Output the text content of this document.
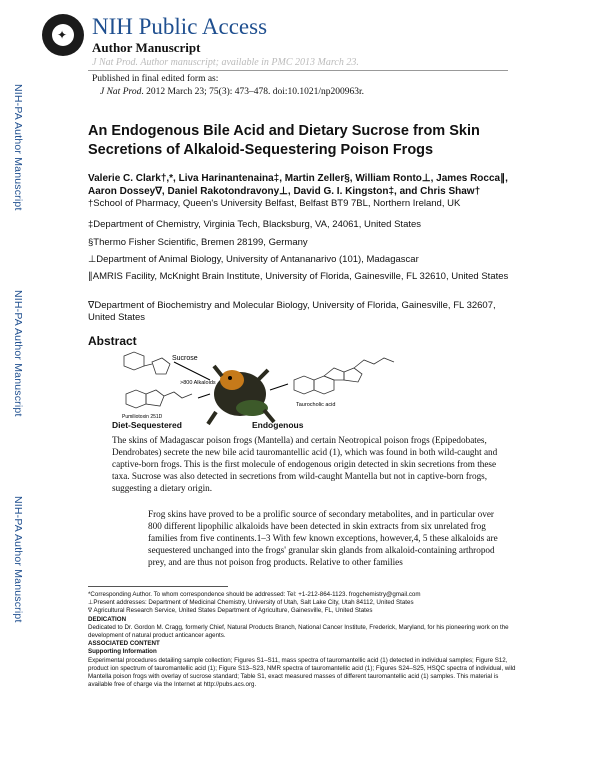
✦ NIH Public Access
Author Manuscript
J Nat Prod. Author manuscript; available in PMC 2013 March 23.
Published in final edited form as:
J Nat Prod. 2012 March 23; 75(3): 473–478. doi:10.1021/np200963r.
NIH-PA Author Manuscript
NIH-PA Author Manuscript
NIH-PA Author Manuscript
An Endogenous Bile Acid and Dietary Sucrose from Skin Secretions of Alkaloid-Sequestering Poison Frogs
Valerie C. Clark†,*, Liva Harinantenaina‡, Martin Zeller§, William Ronto⊥, James Rocca∥, Aaron Dossey∇, Daniel Rakotondravony⊥, David G. I. Kingston‡, and Chris Shaw†
†School of Pharmacy, Queen's University Belfast, Belfast BT9 7BL, Northern Ireland, UK
‡Department of Chemistry, Virginia Tech, Blacksburg, VA, 24061, United States
§Thermo Fisher Scientific, Bremen 28199, Germany
⊥Department of Animal Biology, University of Antananarivo (101), Madagascar
∥AMRIS Facility, McKnight Brain Institute, University of Florida, Gainesville, FL 32610, United States
∇Department of Biochemistry and Molecular Biology, University of Florida, Gainesville, FL 32607, United States
Abstract
Sucrose
Pumiliotoxin 251D
>800 Alkaloids
Taurocholic acid
Diet-Sequestered	Endogenous
The skins of Madagascar poison frogs (Mantella) and certain Neotropical poison frogs (Epipedobates, Dendrobates) secrete the new bile acid tauromantellic acid (1), which was found in both wild-caught and captive-born frogs. This is the first molecule of endogenous origin detected in skin secretions from these taxa. Sucrose was also detected in secretions from wild-caught Mantella but not in captive-born frogs, suggesting a dietary origin.
Frog skins have proved to be a prolific source of secondary metabolites, and in particular over 800 different lipophilic alkaloids have been detected in skin extracts from six unrelated frog families from five continents.1–3 With few known exceptions, however,4, 5 these alkaloids are sequestered unchanged into the frogs' granular skin glands from alkaloid-containing arthropod prey, and are thus not poison frog products. Relative to other families
*Corresponding Author. To whom correspondence should be addressed: Tel: +1-212-864-1123. frogchemistry@gmail.com
⊥Present addresses: Department of Medicinal Chemistry, University of Utah, Salt Lake City, Utah 84112, United States
∇ Agricultural Research Service, United States Department of Agriculture, Gainesville, FL, United States
DEDICATION
Dedicated to Dr. Gordon M. Cragg, formerly Chief, Natural Products Branch, National Cancer Institute, Frederick, Maryland, for his pioneering work on the development of natural product anticancer agents.
ASSOCIATED CONTENT
Supporting Information
Experimental procedures detailing sample collection; Figures S1–S11, mass spectra of tauromantellic acid (1) detected in individual samples; Figure S12, product ion spectrum of tauromantellic acid (1); Figure S13–S23, NMR spectra of tauromantellic acid (1); Figures S24–S25, HSQC spectra of individual, wild Mantella poison frogs with overlay of sucrose standard; Table S1, exact measured masses of different tauromantellic acid (1) samples. This material is available free of charge via the Internet at http://pubs.acs.org.
